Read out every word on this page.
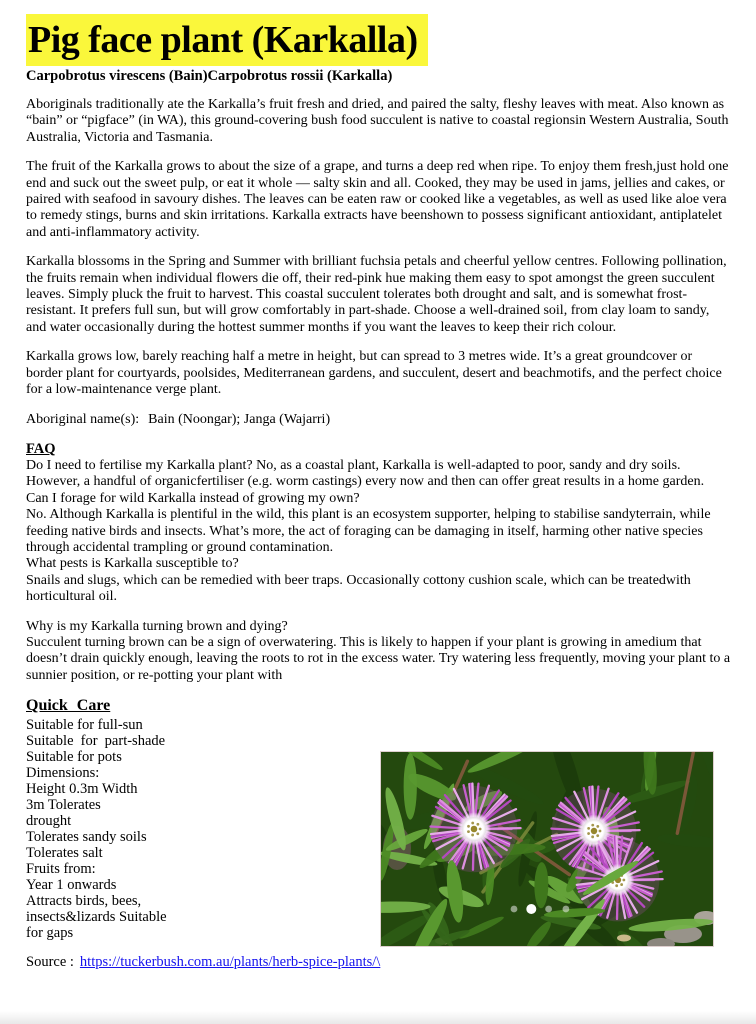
Pig face plant (Karkalla)
Carpobrotus virescens (Bain)Carpobrotus rossii (Karkalla)
Aboriginals traditionally ate the Karkalla’s fruit fresh and dried, and paired the salty, fleshy leaves with meat. Also known as “bain” or “pigface” (in WA), this ground-covering bush food succulent is native to coastal regionsin Western Australia, South Australia, Victoria and Tasmania.
The fruit of the Karkalla grows to about the size of a grape, and turns a deep red when ripe. To enjoy them fresh,just hold one end and suck out the sweet pulp, or eat it whole — salty skin and all. Cooked, they may be used in jams, jellies and cakes, or paired with seafood in savoury dishes. The leaves can be eaten raw or cooked like a vegetables, as well as used like aloe vera to remedy stings, burns and skin irritations. Karkalla extracts have beenshown to possess significant antioxidant, antiplatelet and anti-inflammatory activity.
Karkalla blossoms in the Spring and Summer with brilliant fuchsia petals and cheerful yellow centres. Following pollination, the fruits remain when individual flowers die off, their red-pink hue making them easy to spot amongst the green succulent leaves. Simply pluck the fruit to harvest. This coastal succulent tolerates both drought and salt, and is somewhat frost-resistant. It prefers full sun, but will grow comfortably in part-shade. Choose a well-drained soil, from clay loam to sandy, and water occasionally during the hottest summer months if you want the leaves to keep their rich colour.
Karkalla grows low, barely reaching half a metre in height, but can spread to 3 metres wide. It’s a great groundcover or border plant for courtyards, poolsides, Mediterranean gardens, and succulent, desert and beachmotifs, and the perfect choice for a low-maintenance verge plant.
Aboriginal name(s): Bain (Noongar); Janga (Wajarri)
FAQ
Do I need to fertilise my Karkalla plant? No, as a coastal plant, Karkalla is well-adapted to poor, sandy and dry soils. However, a handful of organicfertiliser (e.g. worm castings) every now and then can offer great results in a home garden.
Can I forage for wild Karkalla instead of growing my own?
No. Although Karkalla is plentiful in the wild, this plant is an ecosystem supporter, helping to stabilise sandyterrain, while feeding native birds and insects. What’s more, the act of foraging can be damaging in itself, harming other native species through accidental trampling or ground contamination.
What pests is Karkalla susceptible to?
Snails and slugs, which can be remedied with beer traps. Occasionally cottony cushion scale, which can be treatedwith horticultural oil.
Why is my Karkalla turning brown and dying?
Succulent turning brown can be a sign of overwatering. This is likely to happen if your plant is growing in amedium that doesn’t drain quickly enough, leaving the roots to rot in the excess water. Try watering less frequently, moving your plant to a sunnier position, or re-potting your plant with
Quick Care
Suitable for full-sun
Suitable for part-shade
Suitable for pots
Dimensions:
Height 0.3m Width
3m Tolerates
drought
Tolerates sandy soils
Tolerates salt
Fruits from:
Year 1 onwards
Attracts birds, bees,
insects&lizards Suitable
for gaps
Source : https://tuckerbush.com.au/plants/herb-spice-plants/\
